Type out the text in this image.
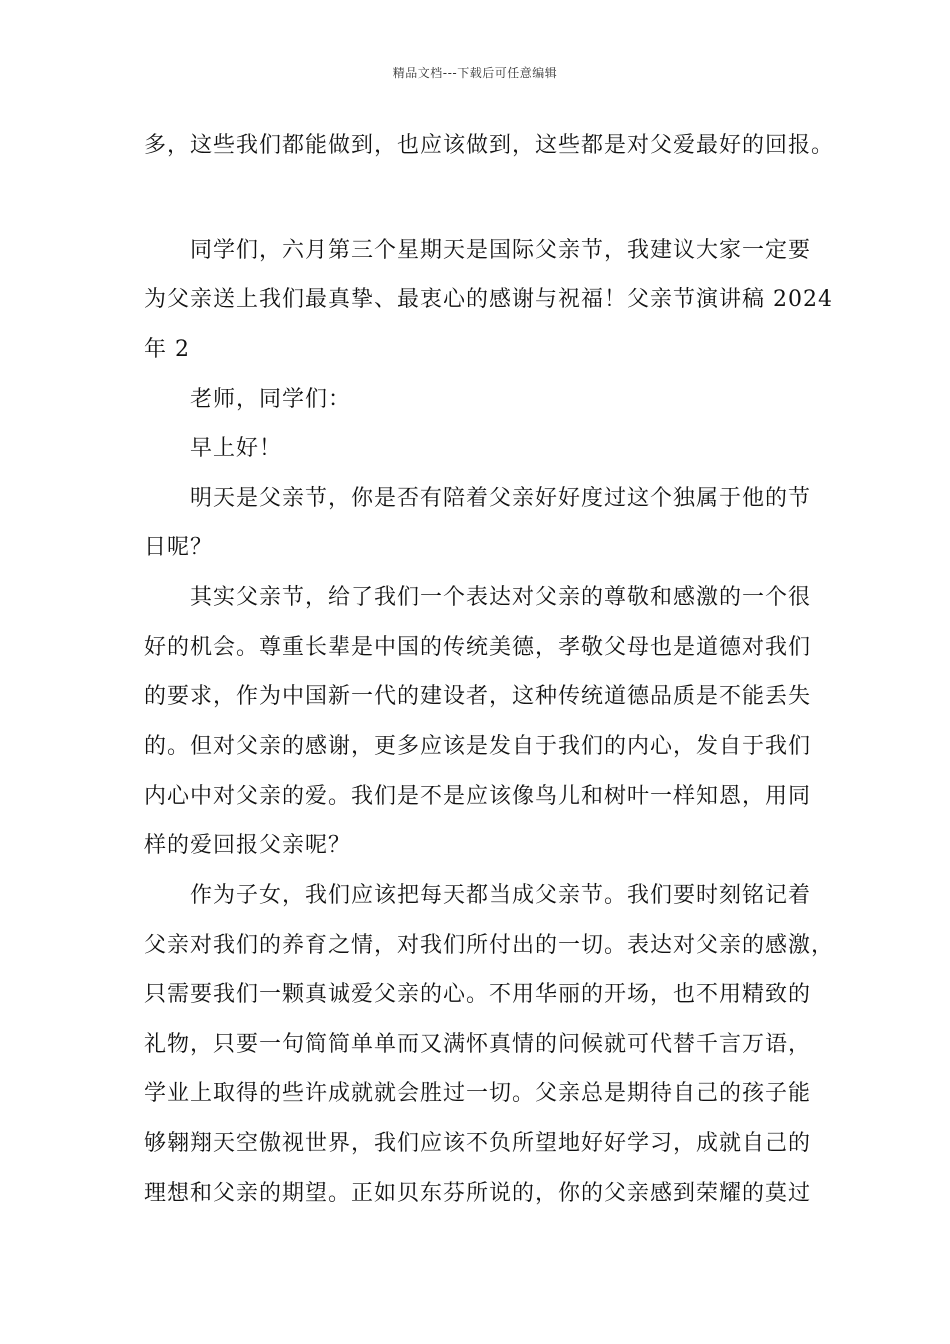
精品文档---下载后可任意编辑
多，这些我们都能做到，也应该做到，这些都是对父爱最好的回报。
同学们，六月第三个星期天是国际父亲节，我建议大家一定要
为父亲送上我们最真挚、最衷心的感谢与祝福！父亲节演讲稿 2024
年 2
老师，同学们：
早上好！
明天是父亲节，你是否有陪着父亲好好度过这个独属于他的节
日呢？
其实父亲节，给了我们一个表达对父亲的尊敬和感激的一个很
好的机会。尊重长辈是中国的传统美德，孝敬父母也是道德对我们
的要求，作为中国新一代的建设者，这种传统道德品质是不能丢失
的。但对父亲的感谢，更多应该是发自于我们的内心，发自于我们
内心中对父亲的爱。我们是不是应该像鸟儿和树叶一样知恩，用同
样的爱回报父亲呢？
作为子女，我们应该把每天都当成父亲节。我们要时刻铭记着
父亲对我们的养育之情，对我们所付出的一切。表达对父亲的感激，
只需要我们一颗真诚爱父亲的心。不用华丽的开场，也不用精致的
礼物，只要一句简简单单而又满怀真情的问候就可代替千言万语，
学业上取得的些许成就就会胜过一切。父亲总是期待自己的孩子能
够翱翔天空傲视世界，我们应该不负所望地好好学习，成就自己的
理想和父亲的期望。正如贝东芬所说的，你的父亲感到荣耀的莫过
